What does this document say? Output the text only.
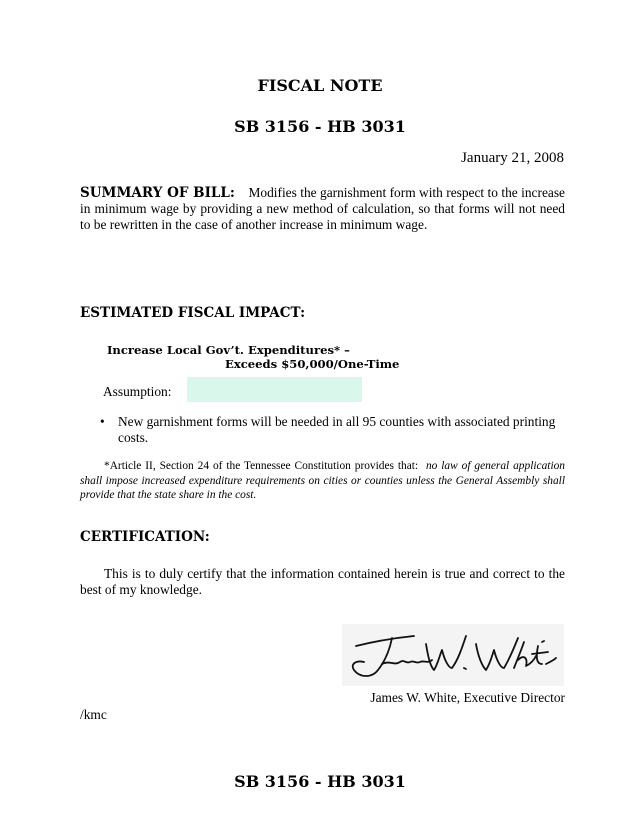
FISCAL NOTE
SB 3156 - HB 3031
January 21, 2008
SUMMARY OF BILL: Modifies the garnishment form with respect to the increase in minimum wage by providing a new method of calculation, so that forms will not need to be rewritten in the case of another increase in minimum wage.
ESTIMATED FISCAL IMPACT:
Increase Local Gov’t. Expenditures* –
Exceeds $50,000/One-Time
Assumption:
• New garnishment forms will be needed in all 95 counties with associated printing costs.
*Article II, Section 24 of the Tennessee Constitution provides that: no law of general application shall impose increased expenditure requirements on cities or counties unless the General Assembly shall provide that the state share in the cost.
CERTIFICATION:
This is to duly certify that the information contained herein is true and correct to the best of my knowledge.
James W. White, Executive Director
/kmc
SB 3156 - HB 3031
